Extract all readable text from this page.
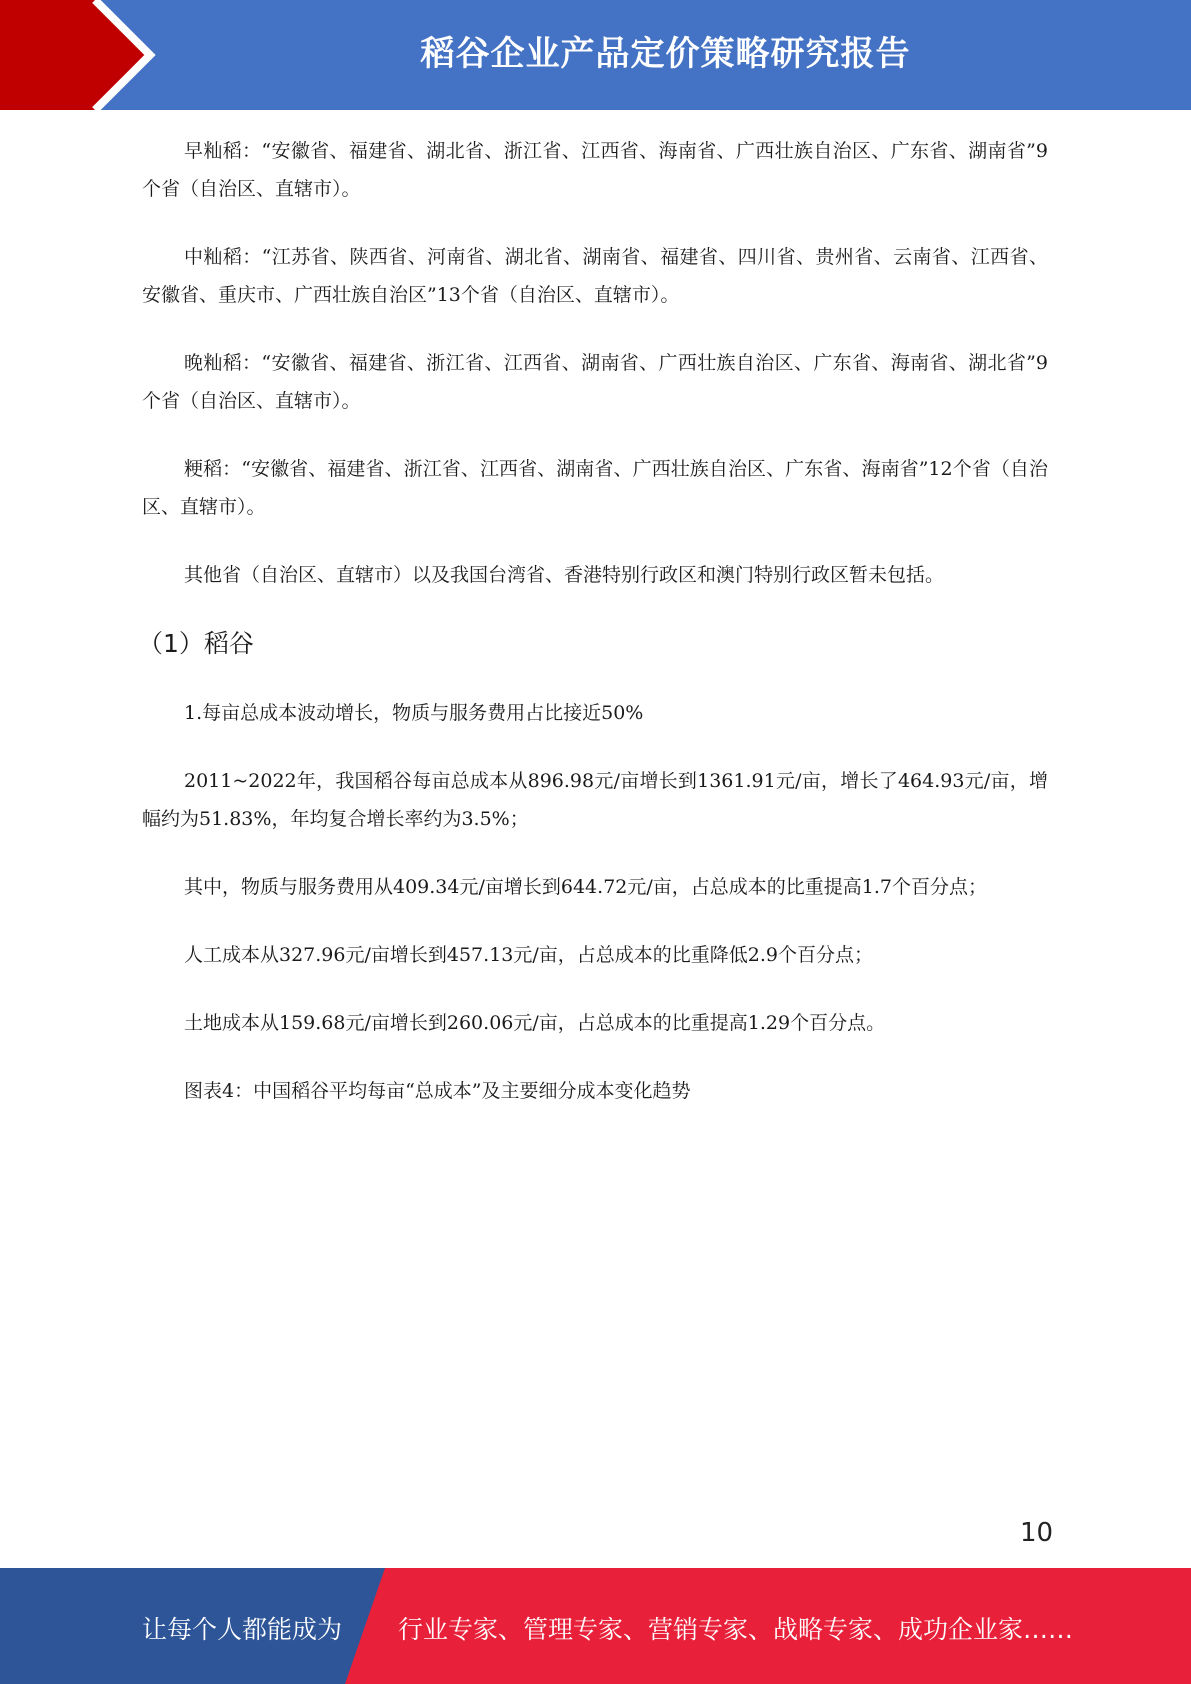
稻谷企业产品定价策略研究报告

早籼稻：“安徽省、福建省、湖北省、浙江省、江西省、海南省、广西壮族自治区、广东省、湖南省”9个省（自治区、直辖市）。

中籼稻：“江苏省、陕西省、河南省、湖北省、湖南省、福建省、四川省、贵州省、云南省、江西省、安徽省、重庆市、广西壮族自治区”13个省（自治区、直辖市）。

晚籼稻：“安徽省、福建省、浙江省、江西省、湖南省、广西壮族自治区、广东省、海南省、湖北省”9个省（自治区、直辖市）。

粳稻：“安徽省、福建省、浙江省、江西省、湖南省、广西壮族自治区、广东省、海南省”12个省（自治区、直辖市）。

其他省（自治区、直辖市）以及我国台湾省、香港特别行政区和澳门特别行政区暂未包括。

（1）稻谷

1.每亩总成本波动增长，物质与服务费用占比接近50%

2011~2022年，我国稻谷每亩总成本从896.98元/亩增长到1361.91元/亩，增长了464.93元/亩，增幅约为51.83%，年均复合增长率约为3.5%；

其中，物质与服务费用从409.34元/亩增长到644.72元/亩，占总成本的比重提高1.7个百分点；

人工成本从327.96元/亩增长到457.13元/亩，占总成本的比重降低2.9个百分点；

土地成本从159.68元/亩增长到260.06元/亩，占总成本的比重提高1.29个百分点。

图表4：中国稻谷平均每亩“总成本”及主要细分成本变化趋势

10
让每个人都能成为 行业专家、管理专家、营销专家、战略专家、成功企业家……
